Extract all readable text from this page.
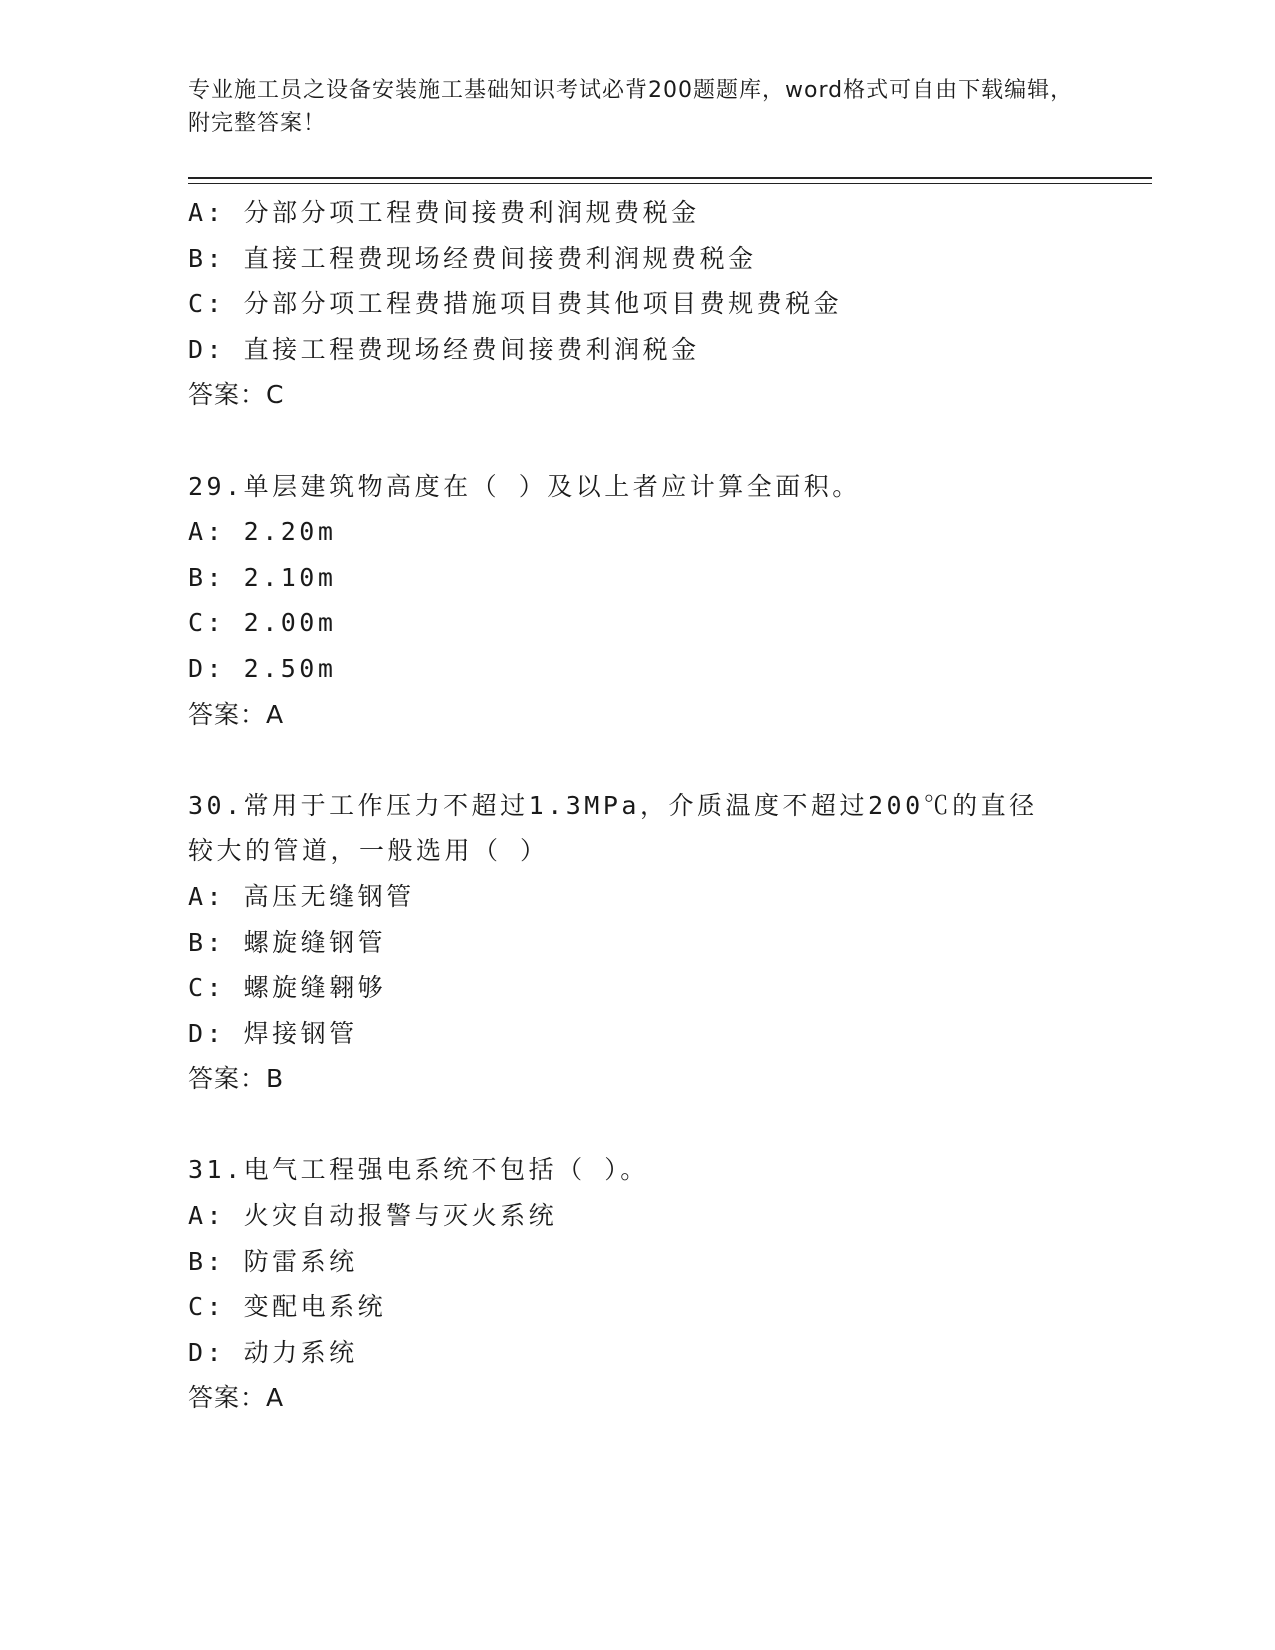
专业施工员之设备安装施工基础知识考试必背200题题库，word格式可自由下载编辑，附完整答案！
A: 分部分项工程费间接费利润规费税金
B: 直接工程费现场经费间接费利润规费税金
C: 分部分项工程费措施项目费其他项目费规费税金
D: 直接工程费现场经费间接费利润税金
答案：C
29.单层建筑物高度在（ ）及以上者应计算全面积。
A: 2.20m
B: 2.10m
C: 2.00m
D: 2.50m
答案：A
30.常用于工作压力不超过1.3MPa，介质温度不超过200℃的直径较大的管道，一般选用（ ）
A: 高压无缝钢管
B: 螺旋缝钢管
C: 螺旋缝翱够
D: 焊接钢管
答案：B
31.电气工程强电系统不包括（ ）。
A: 火灾自动报警与灭火系统
B: 防雷系统
C: 变配电系统
D: 动力系统
答案：A
